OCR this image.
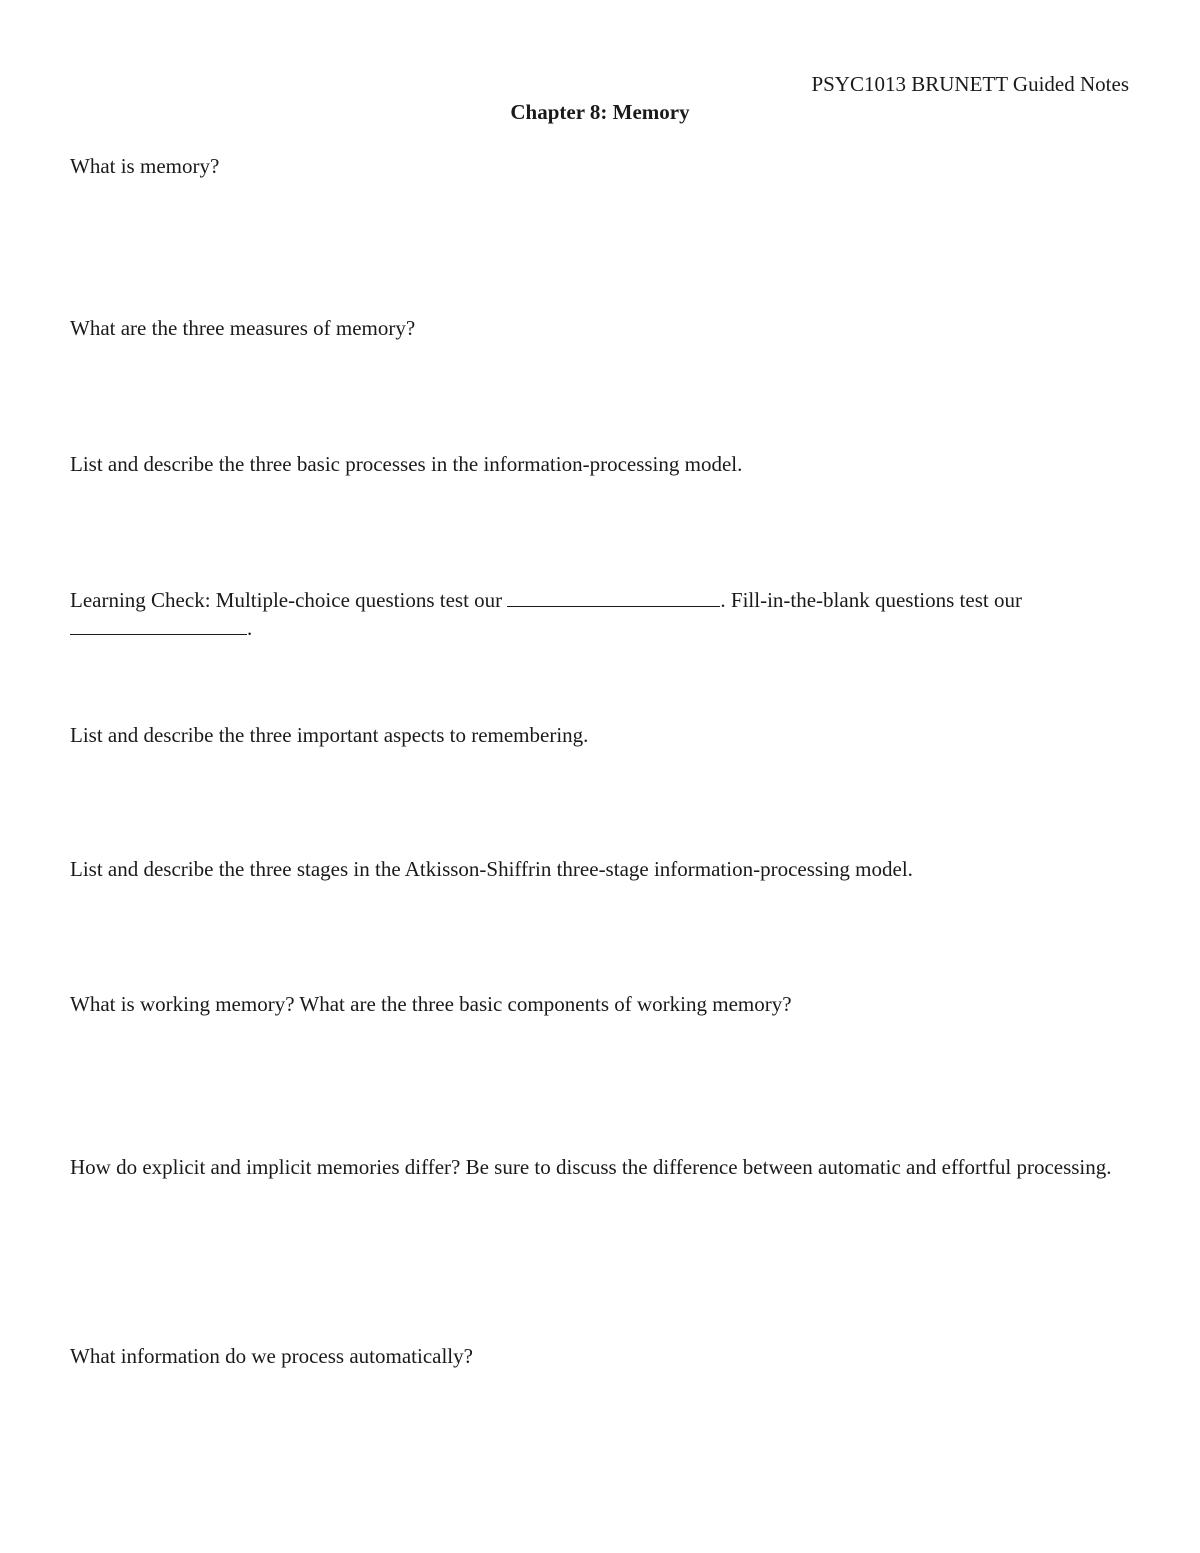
PSYC1013 BRUNETT Guided Notes
Chapter 8: Memory
What is memory?
What are the three measures of memory?
List and describe the three basic processes in the information-processing model.
Learning Check: Multiple-choice questions test our	. Fill-in-the-blank questions test our .
List and describe the three important aspects to remembering.
List and describe the three stages in the Atkisson-Shiffrin three-stage information-processing model.
What is working memory? What are the three basic components of working memory?
How do explicit and implicit memories differ? Be sure to discuss the difference between automatic and effortful processing.
What information do we process automatically?
